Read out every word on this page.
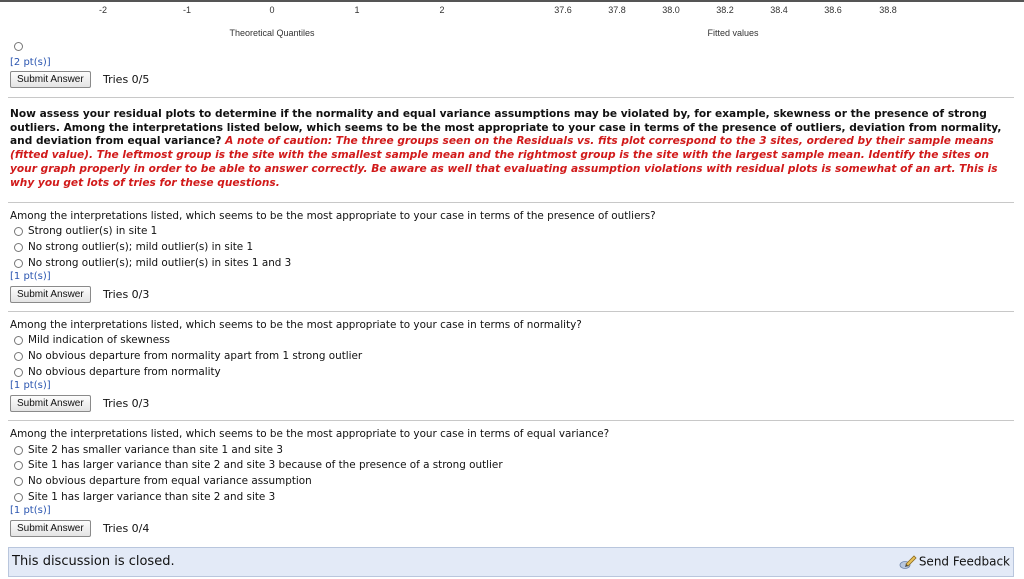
-2	-1	0	1	2
Theoretical Quantiles
37.6	37.8	38.0	38.2	38.4	38.6	38.8
Fitted values
[2 pt(s)]
Submit Answer	Tries 0/5
Now assess your residual plots to determine if the normality and equal variance assumptions may be violated by, for example, skewness or the presence of strong outliers. Among the interpretations listed below, which seems to be the most appropriate to your case in terms of the presence of outliers, deviation from normality, and deviation from equal variance? A note of caution: The three groups seen on the Residuals vs. fits plot correspond to the 3 sites, ordered by their sample means (fitted value). The leftmost group is the site with the smallest sample mean and the rightmost group is the site with the largest sample mean. Identify the sites on your graph properly in order to be able to answer correctly. Be aware as well that evaluating assumption violations with residual plots is somewhat of an art. This is why you get lots of tries for these questions.
Among the interpretations listed, which seems to be the most appropriate to your case in terms of the presence of outliers?
Strong outlier(s) in site 1
No strong outlier(s); mild outlier(s) in site 1
No strong outlier(s); mild outlier(s) in sites 1 and 3
[1 pt(s)]
Submit Answer	Tries 0/3
Among the interpretations listed, which seems to be the most appropriate to your case in terms of normality?
Mild indication of skewness
No obvious departure from normality apart from 1 strong outlier
No obvious departure from normality
[1 pt(s)]
Submit Answer	Tries 0/3
Among the interpretations listed, which seems to be the most appropriate to your case in terms of equal variance?
Site 2 has smaller variance than site 1 and site 3
Site 1 has larger variance than site 2 and site 3 because of the presence of a strong outlier
No obvious departure from equal variance assumption
Site 1 has larger variance than site 2 and site 3
[1 pt(s)]
Submit Answer	Tries 0/4
This discussion is closed.	Send Feedback
